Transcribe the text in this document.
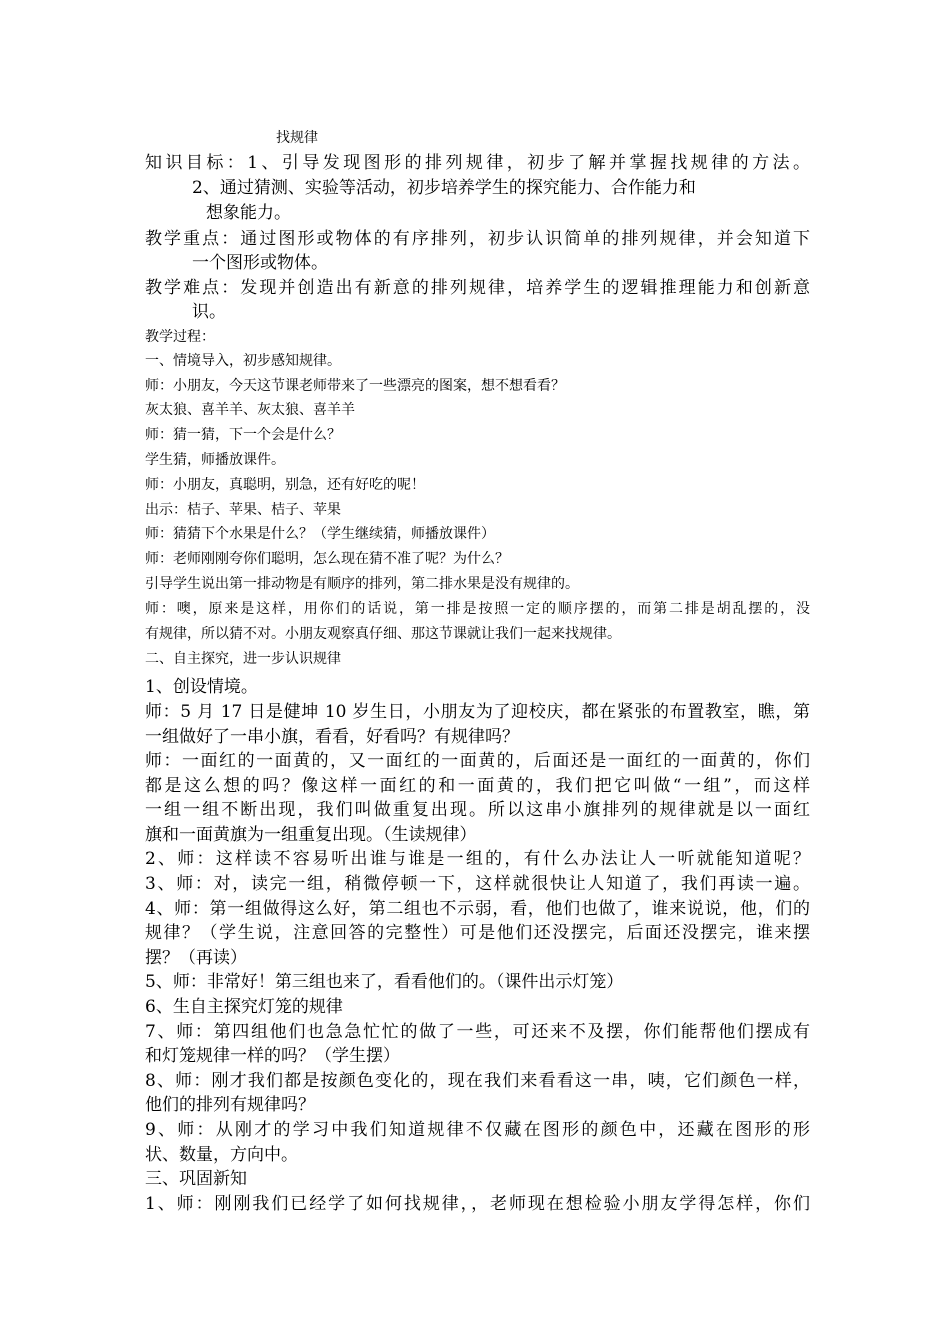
找规律
知识目标：1、引导发现图形的排列规律，初步了解并掌握找规律的方法。
2、通过猜测、实验等活动，初步培养学生的探究能力、合作能力和
想象能力。
教学重点：通过图形或物体的有序排列，初步认识简单的排列规律，并会知道下
一个图形或物体。
教学难点：发现并创造出有新意的排列规律，培养学生的逻辑推理能力和创新意
识。
教学过程：
一、情境导入，初步感知规律。
师：小朋友，今天这节课老师带来了一些漂亮的图案，想不想看看？
灰太狼、喜羊羊、灰太狼、喜羊羊
师：猜一猜，下一个会是什么？
学生猜，师播放课件。
师：小朋友，真聪明，别急，还有好吃的呢！
出示：桔子、苹果、桔子、苹果
师：猜猜下个水果是什么？（学生继续猜，师播放课件）
师：老师刚刚夸你们聪明，怎么现在猜不准了呢？为什么？
引导学生说出第一排动物是有顺序的排列，第二排水果是没有规律的。
师：噢，原来是这样，用你们的话说，第一排是按照一定的顺序摆的，而第二排是胡乱摆的，没
有规律，所以猜不对。小朋友观察真仔细、那这节课就让我们一起来找规律。
二、自主探究，进一步认识规律
1、创设情境。
师：5 月 17 日是健坤 10 岁生日，小朋友为了迎校庆，都在紧张的布置教室，瞧，第
一组做好了一串小旗，看看，好看吗？有规律吗？
师：一面红的一面黄的，又一面红的一面黄的，后面还是一面红的一面黄的，你们
都是这么想的吗？像这样一面红的和一面黄的，我们把它叫做“一组”，而这样
一组一组不断出现，我们叫做重复出现。所以这串小旗排列的规律就是以一面红
旗和一面黄旗为一组重复出现。（生读规律）
2、师：这样读不容易听出谁与谁是一组的，有什么办法让人一听就能知道呢？
3、师：对，读完一组，稍微停顿一下，这样就很快让人知道了，我们再读一遍。
4、师：第一组做得这么好，第二组也不示弱，看，他们也做了，谁来说说，他，们的
规律？（学生说，注意回答的完整性）可是他们还没摆完，后面还没摆完，谁来摆
摆？（再读）
5、师：非常好！第三组也来了，看看他们的。（课件出示灯笼）
6、生自主探究灯笼的规律
7、师：第四组他们也急急忙忙的做了一些，可还来不及摆，你们能帮他们摆成有
和灯笼规律一样的吗？（学生摆）
8、师：刚才我们都是按颜色变化的，现在我们来看看这一串，咦，它们颜色一样，
他们的排列有规律吗？
9、师：从刚才的学习中我们知道规律不仅藏在图形的颜色中，还藏在图形的形
状、数量，方向中。
三、巩固新知
1、师：刚刚我们已经学了如何找规律，，老师现在想检验小朋友学得怎样，你们
